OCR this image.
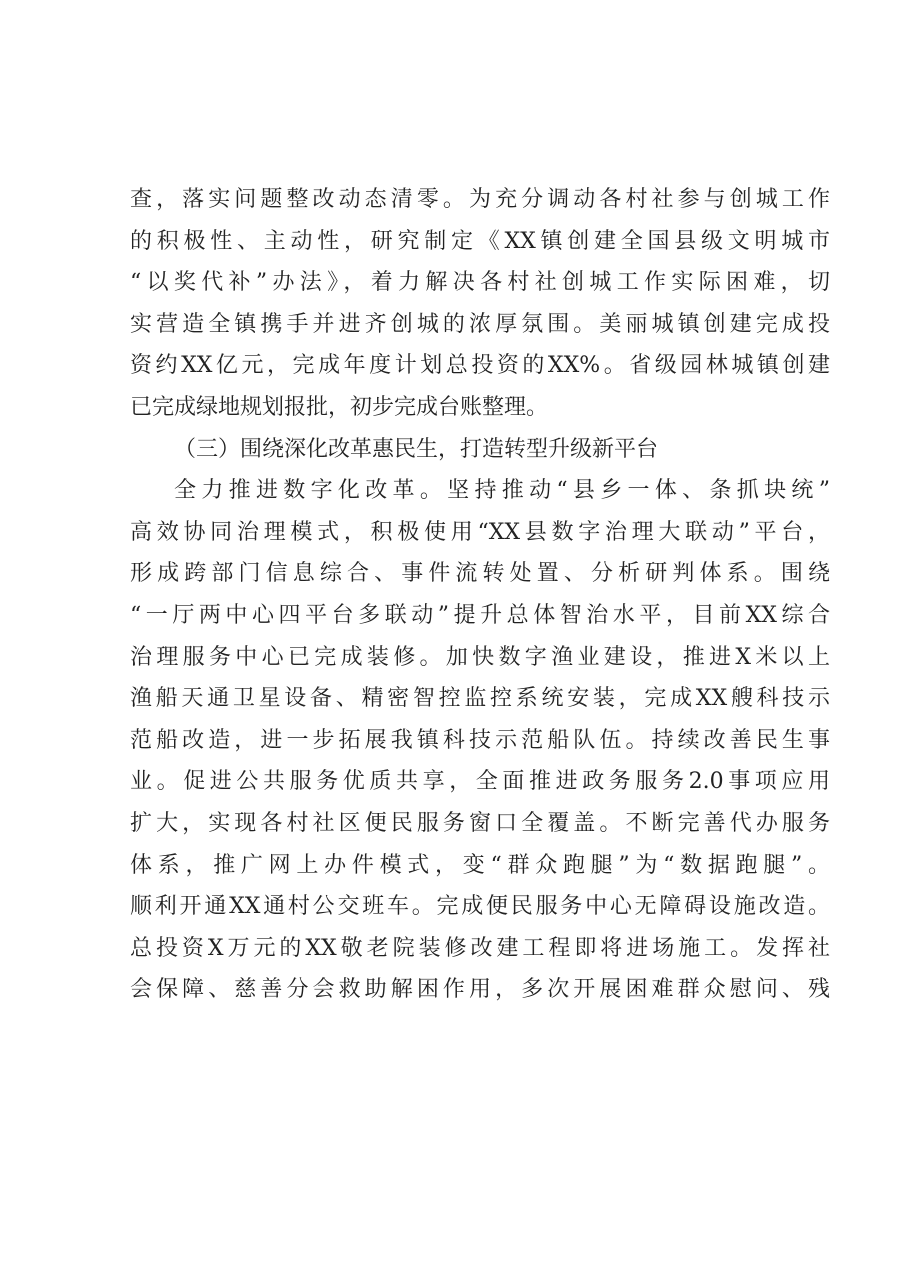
查，落实问题整改动态清零。为充分调动各村社参与创城工作
的积极性、主动性，研究制定《XX镇创建全国县级文明城市
“以奖代补”办法》，着力解决各村社创城工作实际困难，切
实营造全镇携手并进齐创城的浓厚氛围。美丽城镇创建完成投
资约XX亿元，完成年度计划总投资的XX%。省级园林城镇创建
已完成绿地规划报批，初步完成台账整理。
（三）围绕深化改革惠民生，打造转型升级新平台
全力推进数字化改革。坚持推动“县乡一体、条抓块统”
高效协同治理模式，积极使用“XX县数字治理大联动”平台，
形成跨部门信息综合、事件流转处置、分析研判体系。围绕
“一厅两中心四平台多联动”提升总体智治水平，目前XX综合
治理服务中心已完成装修。加快数字渔业建设，推进X米以上
渔船天通卫星设备、精密智控监控系统安装，完成XX艘科技示
范船改造，进一步拓展我镇科技示范船队伍。持续改善民生事
业。促进公共服务优质共享，全面推进政务服务2.0事项应用
扩大，实现各村社区便民服务窗口全覆盖。不断完善代办服务
体系，推广网上办件模式，变“群众跑腿”为“数据跑腿”。
顺利开通XX通村公交班车。完成便民服务中心无障碍设施改造。
总投资X万元的XX敬老院装修改建工程即将进场施工。发挥社
会保障、慈善分会救助解困作用，多次开展困难群众慰问、残
